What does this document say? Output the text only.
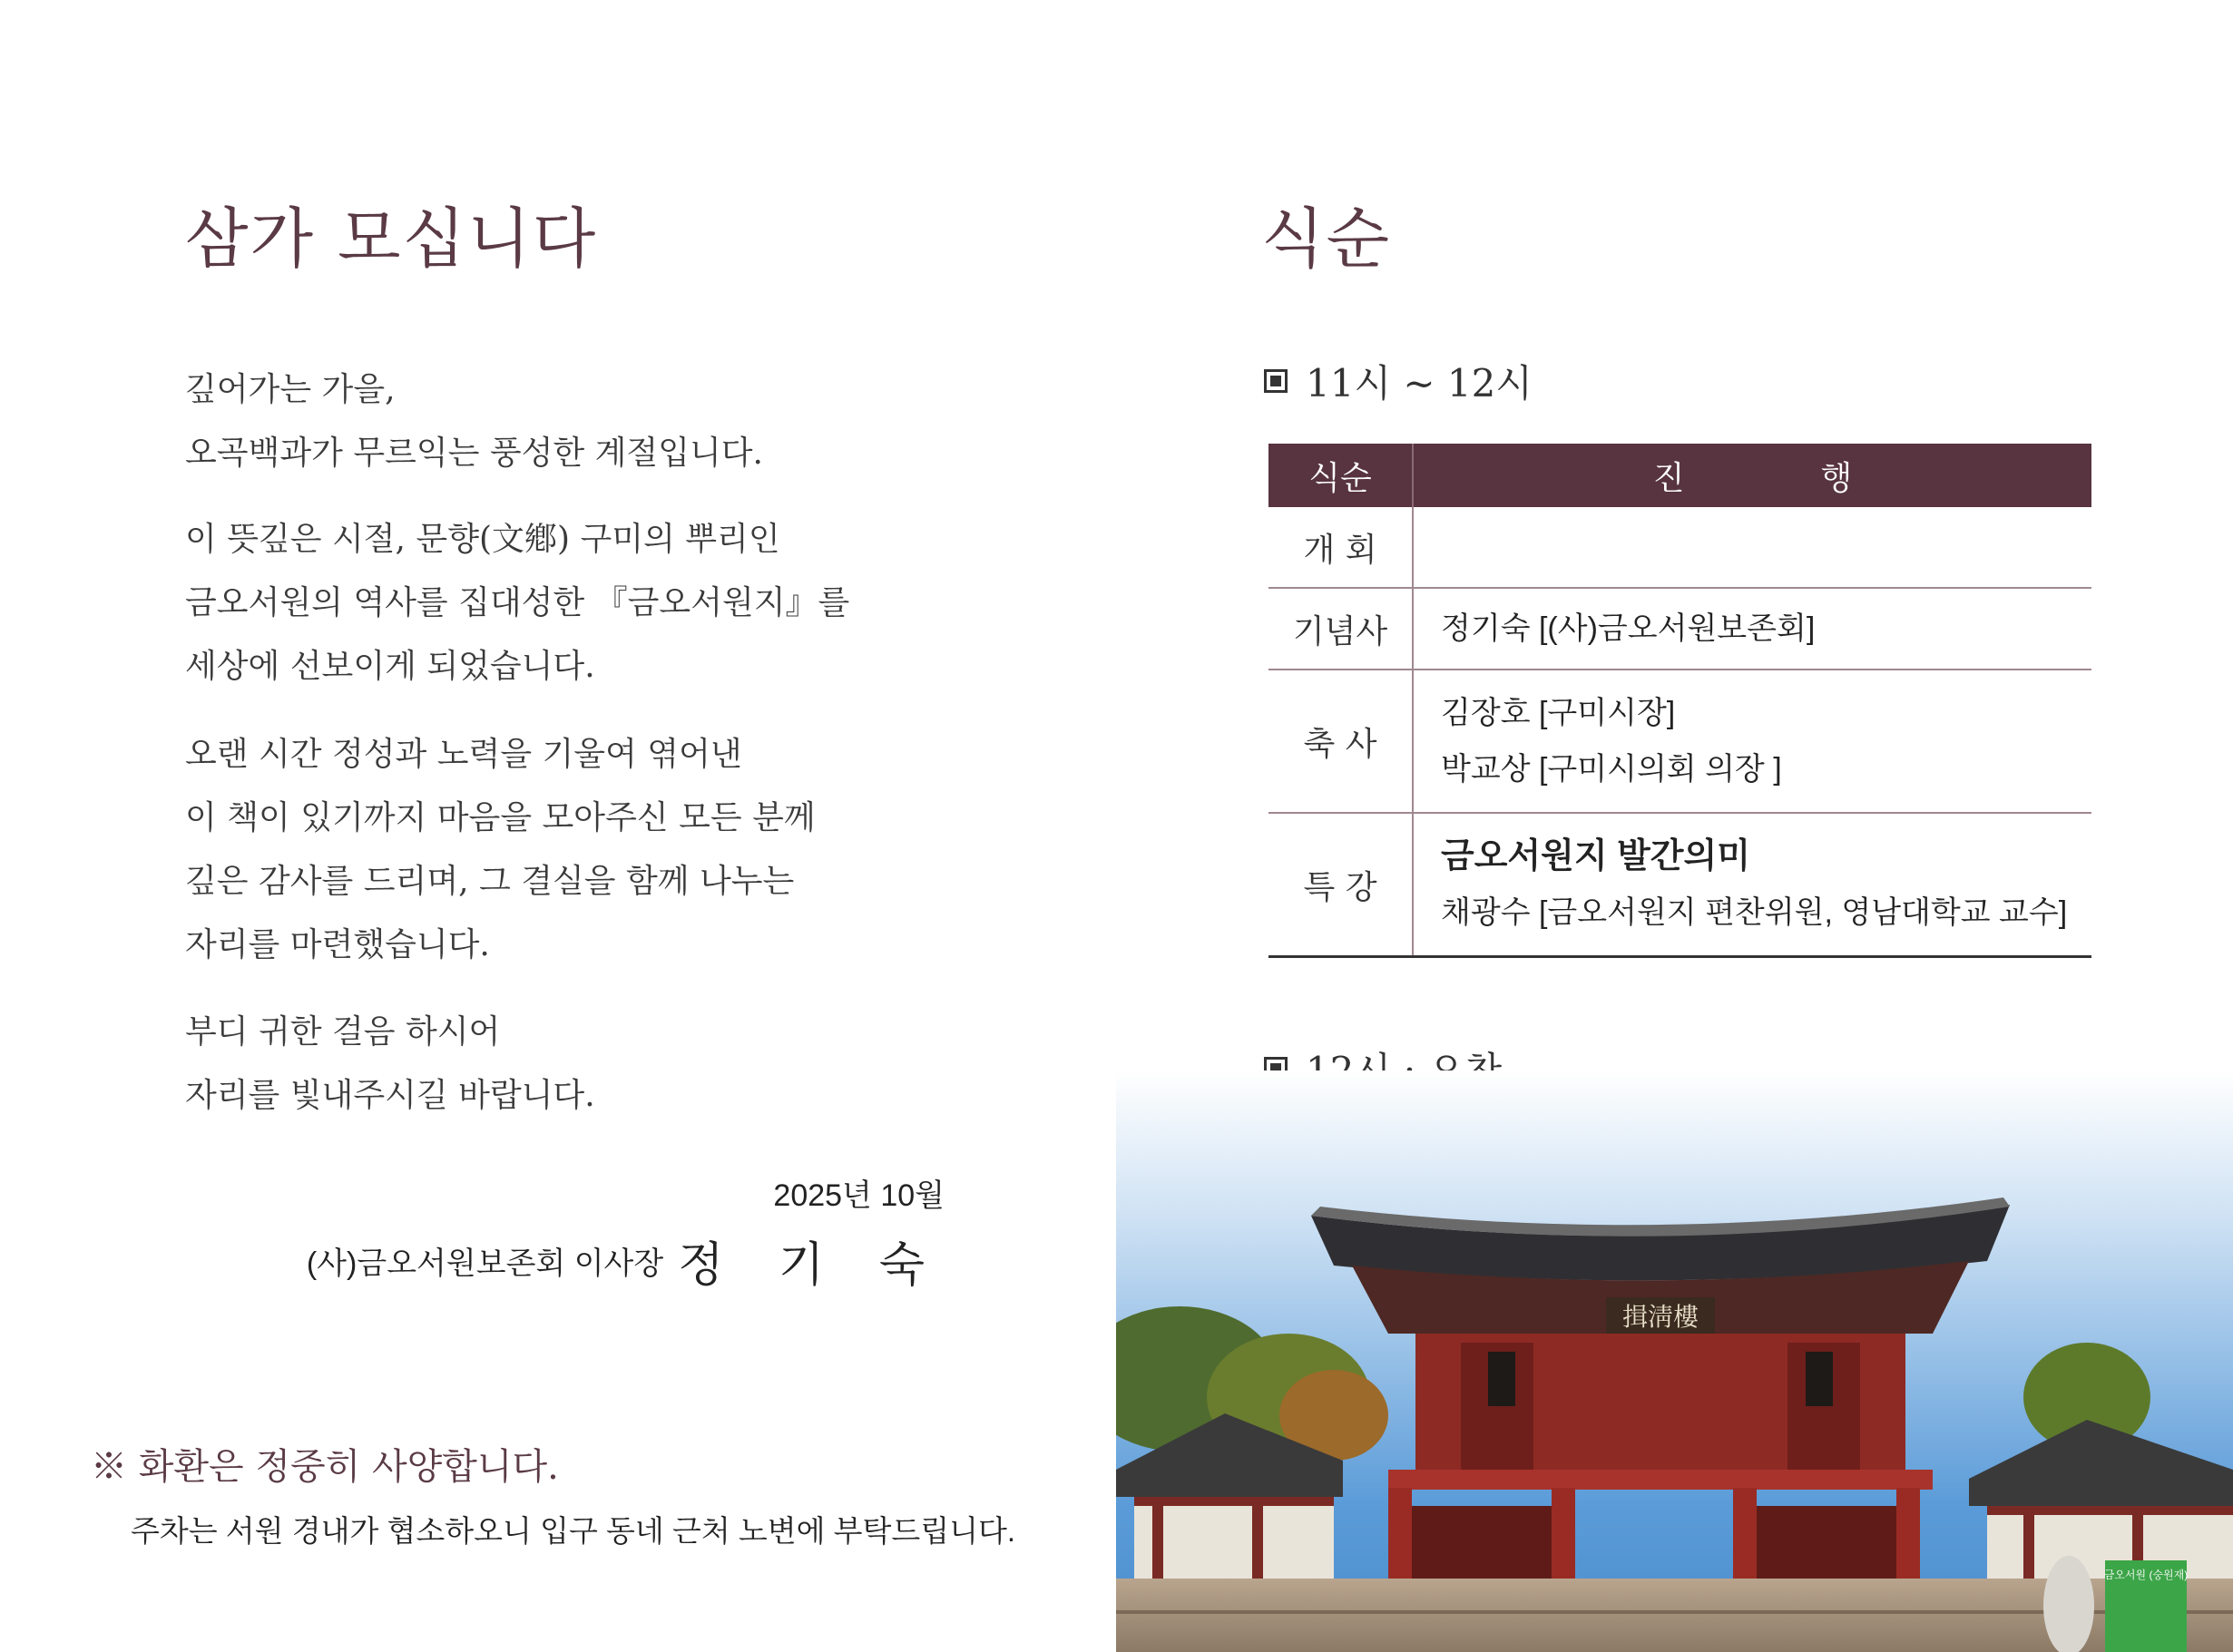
삼가 모십니다
깊어가는 가을,
오곡백과가 무르익는 풍성한 계절입니다.
이 뜻깊은 시절, 문향(文鄕) 구미의 뿌리인
금오서원의 역사를 집대성한 『금오서원지』를
세상에 선보이게 되었습니다.
오랜 시간 정성과 노력을 기울여 엮어낸
이 책이 있기까지 마음을 모아주신 모든 분께
깊은 감사를 드리며, 그 결실을 함께 나누는
자리를 마련했습니다.
부디 귀한 걸음 하시어
자리를 빛내주시길 바랍니다.
2025년 10월
(사)금오서원보존회 이사장 정 기 숙
※ 화환은 정중히 사양합니다.
주차는 서원 경내가 협소하오니 입구 동네 근처 노변에 부탁드립니다.
식순
11시 ~ 12시
식순	진 행
개 회
기념사	정기숙 [(사)금오서원보존회]
축 사
김장호 [구미시장]
박교상 [구미시의회 의장 ]
특 강
금오서원지 발간의미
채광수 [금오서원지 편찬위원, 영남대학교 교수]
揖淸樓
금오서원 (숭원재)
